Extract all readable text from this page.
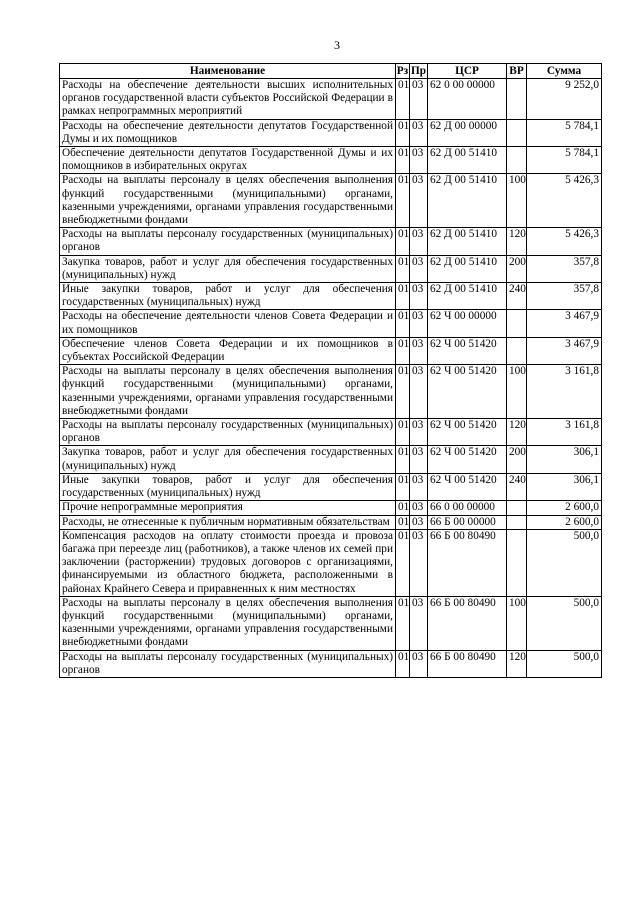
3
Наименование	Рз	Пр	ЦСР	ВР	Сумма
Расходы на обеспечение деятельности высших исполнительных органов государственной власти субъектов Российской Федерации в рамках непрограммных мероприятий	01	03	62 0 00 00000		9 252,0
Расходы на обеспечение деятельности депутатов Государственной Думы и их помощников	01	03	62 Д 00 00000		5 784,1
Обеспечение деятельности депутатов Государственной Думы и их помощников в избирательных округах	01	03	62 Д 00 51410		5 784,1
Расходы на выплаты персоналу в целях обеспечения выполнения функций государственными (муниципальными) органами, казенными учреждениями, органами управления государственными внебюджетными фондами	01	03	62 Д 00 51410	100	5 426,3
Расходы на выплаты персоналу государственных (муниципальных) органов	01	03	62 Д 00 51410	120	5 426,3
Закупка товаров, работ и услуг для обеспечения государственных (муниципальных) нужд	01	03	62 Д 00 51410	200	357,8
Иные закупки товаров, работ и услуг для обеспечения государственных (муниципальных) нужд	01	03	62 Д 00 51410	240	357,8
Расходы на обеспечение деятельности членов Совета Федерации и их помощников	01	03	62 Ч 00 00000		3 467,9
Обеспечение членов Совета Федерации и их помощников в субъектах Российской Федерации	01	03	62 Ч 00 51420		3 467,9
Расходы на выплаты персоналу в целях обеспечения выполнения функций государственными (муниципальными) органами, казенными учреждениями, органами управления государственными внебюджетными фондами	01	03	62 Ч 00 51420	100	3 161,8
Расходы на выплаты персоналу государственных (муниципальных) органов	01	03	62 Ч 00 51420	120	3 161,8
Закупка товаров, работ и услуг для обеспечения государственных (муниципальных) нужд	01	03	62 Ч 00 51420	200	306,1
Иные закупки товаров, работ и услуг для обеспечения государственных (муниципальных) нужд	01	03	62 Ч 00 51420	240	306,1
Прочие непрограммные мероприятия	01	03	66 0 00 00000		2 600,0
Расходы, не отнесенные к публичным нормативным обязательствам	01	03	66 Б 00 00000		2 600,0
Компенсация расходов на оплату стоимости проезда и провоза багажа при переезде лиц (работников), а также членов их семей при заключении (расторжении) трудовых договоров с организациями, финансируемыми из областного бюджета, расположенными в районах Крайнего Севера и приравненных к ним местностях	01	03	66 Б 00 80490		500,0
Расходы на выплаты персоналу в целях обеспечения выполнения функций государственными (муниципальными) органами, казенными учреждениями, органами управления государственными внебюджетными фондами	01	03	66 Б 00 80490	100	500,0
Расходы на выплаты персоналу государственных (муниципальных) органов	01	03	66 Б 00 80490	120	500,0
